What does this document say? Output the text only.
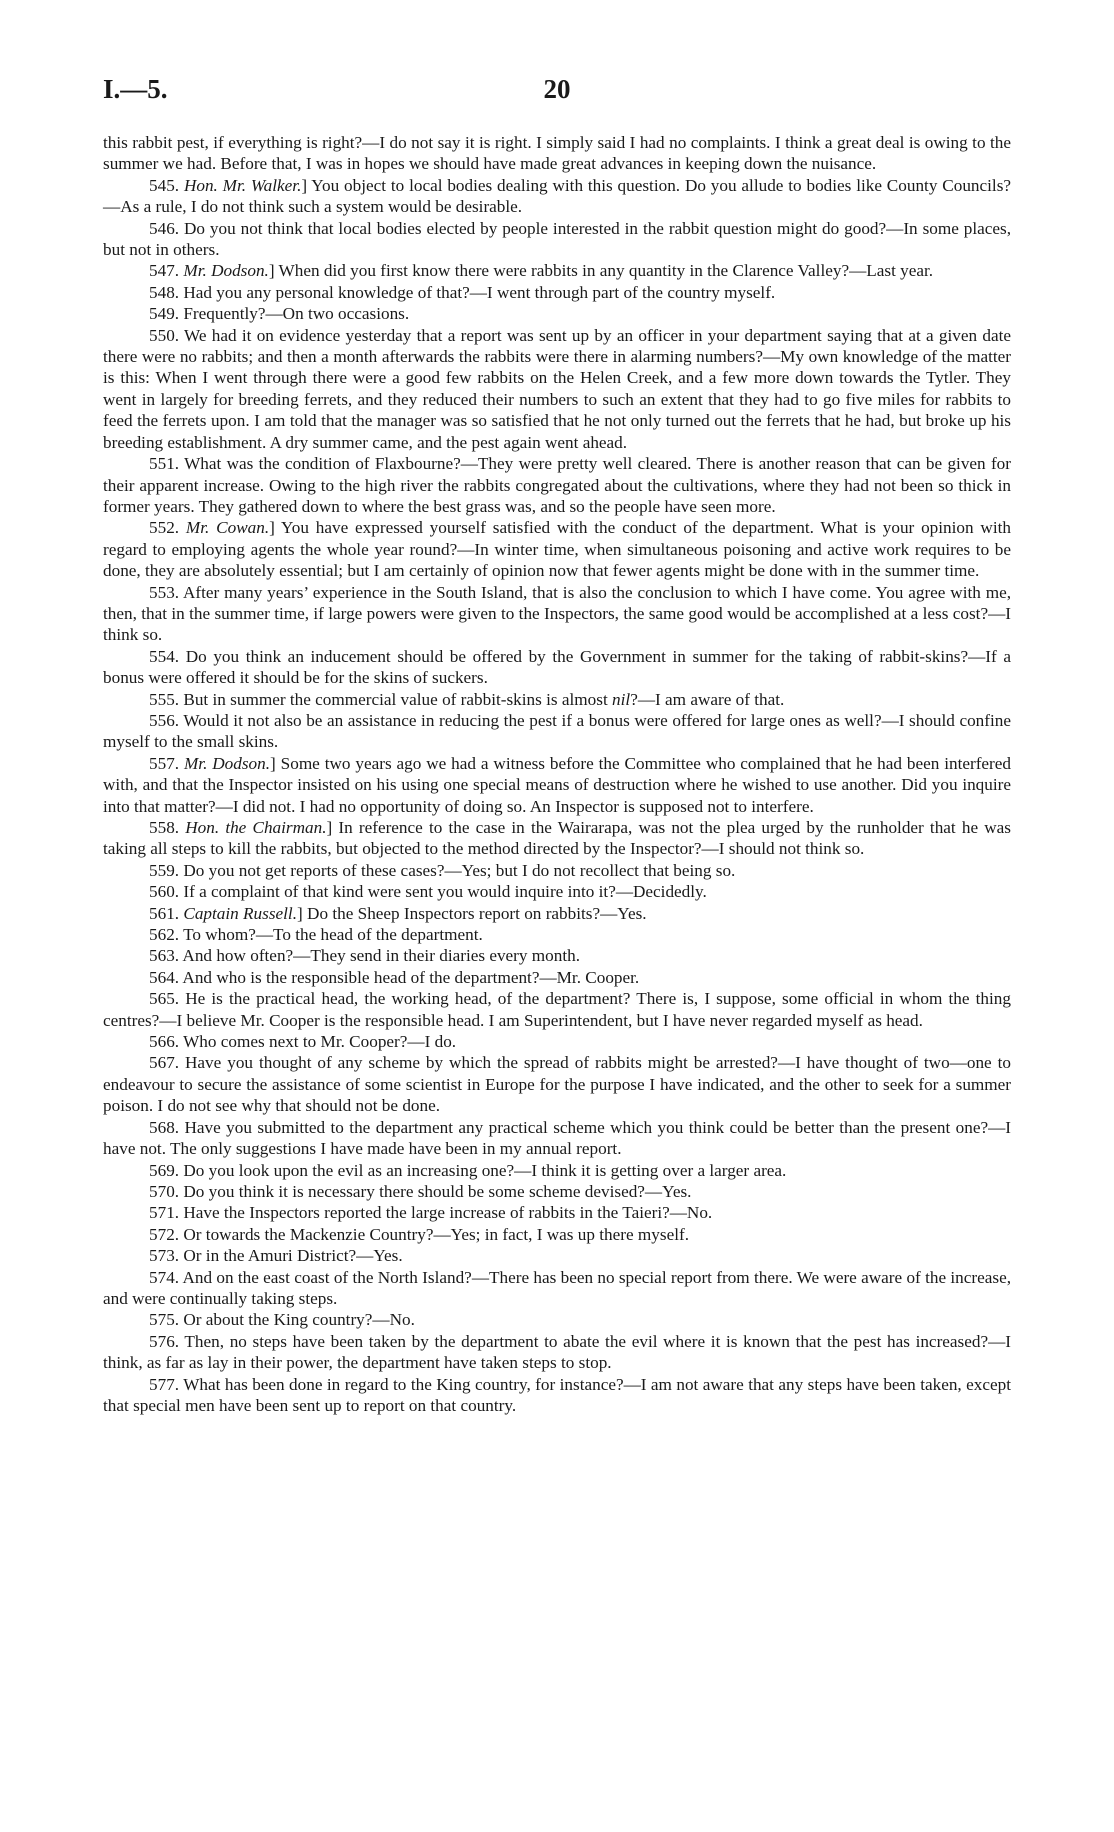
I.—5.	20

this rabbit pest, if everything is right?—I do not say it is right. I simply said I had no complaints. I think a great deal is owing to the summer we had. Before that, I was in hopes we should have made great advances in keeping down the nuisance.

545. Hon. Mr. Walker.] You object to local bodies dealing with this question. Do you allude to bodies like County Councils?—As a rule, I do not think such a system would be desirable.

546. Do you not think that local bodies elected by people interested in the rabbit question might do good?—In some places, but not in others.

547. Mr. Dodson.] When did you first know there were rabbits in any quantity in the Clarence Valley?—Last year.

548. Had you any personal knowledge of that?—I went through part of the country myself.

549. Frequently?—On two occasions.

550. We had it on evidence yesterday that a report was sent up by an officer in your department saying that at a given date there were no rabbits; and then a month afterwards the rabbits were there in alarming numbers?—My own knowledge of the matter is this: When I went through there were a good few rabbits on the Helen Creek, and a few more down towards the Tytler. They went in largely for breeding ferrets, and they reduced their numbers to such an extent that they had to go five miles for rabbits to feed the ferrets upon. I am told that the manager was so satisfied that he not only turned out the ferrets that he had, but broke up his breeding establishment. A dry summer came, and the pest again went ahead.

551. What was the condition of Flaxbourne?—They were pretty well cleared. There is another reason that can be given for their apparent increase. Owing to the high river the rabbits congregated about the cultivations, where they had not been so thick in former years. They gathered down to where the best grass was, and so the people have seen more.

552. Mr. Cowan.] You have expressed yourself satisfied with the conduct of the department. What is your opinion with regard to employing agents the whole year round?—In winter time, when simultaneous poisoning and active work requires to be done, they are absolutely essential; but I am certainly of opinion now that fewer agents might be done with in the summer time.

553. After many years’ experience in the South Island, that is also the conclusion to which I have come. You agree with me, then, that in the summer time, if large powers were given to the Inspectors, the same good would be accomplished at a less cost?—I think so.

554. Do you think an inducement should be offered by the Government in summer for the taking of rabbit-skins?—If a bonus were offered it should be for the skins of suckers.

555. But in summer the commercial value of rabbit-skins is almost nil?—I am aware of that.

556. Would it not also be an assistance in reducing the pest if a bonus were offered for large ones as well?—I should confine myself to the small skins.

557. Mr. Dodson.] Some two years ago we had a witness before the Committee who complained that he had been interfered with, and that the Inspector insisted on his using one special means of destruction where he wished to use another. Did you inquire into that matter?—I did not. I had no opportunity of doing so. An Inspector is supposed not to interfere.

558. Hon. the Chairman.] In reference to the case in the Wairarapa, was not the plea urged by the runholder that he was taking all steps to kill the rabbits, but objected to the method directed by the Inspector?—I should not think so.

559. Do you not get reports of these cases?—Yes; but I do not recollect that being so.

560. If a complaint of that kind were sent you would inquire into it?—Decidedly.

561. Captain Russell.] Do the Sheep Inspectors report on rabbits?—Yes.

562. To whom?—To the head of the department.

563. And how often?—They send in their diaries every month.

564. And who is the responsible head of the department?—Mr. Cooper.

565. He is the practical head, the working head, of the department? There is, I suppose, some official in whom the thing centres?—I believe Mr. Cooper is the responsible head. I am Superintendent, but I have never regarded myself as head.

566. Who comes next to Mr. Cooper?—I do.

567. Have you thought of any scheme by which the spread of rabbits might be arrested?—I have thought of two—one to endeavour to secure the assistance of some scientist in Europe for the purpose I have indicated, and the other to seek for a summer poison. I do not see why that should not be done.

568. Have you submitted to the department any practical scheme which you think could be better than the present one?—I have not. The only suggestions I have made have been in my annual report.

569. Do you look upon the evil as an increasing one?—I think it is getting over a larger area.

570. Do you think it is necessary there should be some scheme devised?—Yes.

571. Have the Inspectors reported the large increase of rabbits in the Taieri?—No.

572. Or towards the Mackenzie Country?—Yes; in fact, I was up there myself.

573. Or in the Amuri District?—Yes.

574. And on the east coast of the North Island?—There has been no special report from there. We were aware of the increase, and were continually taking steps.

575. Or about the King country?—No.

576. Then, no steps have been taken by the department to abate the evil where it is known that the pest has increased?—I think, as far as lay in their power, the department have taken steps to stop.

577. What has been done in regard to the King country, for instance?—I am not aware that any steps have been taken, except that special men have been sent up to report on that country.
